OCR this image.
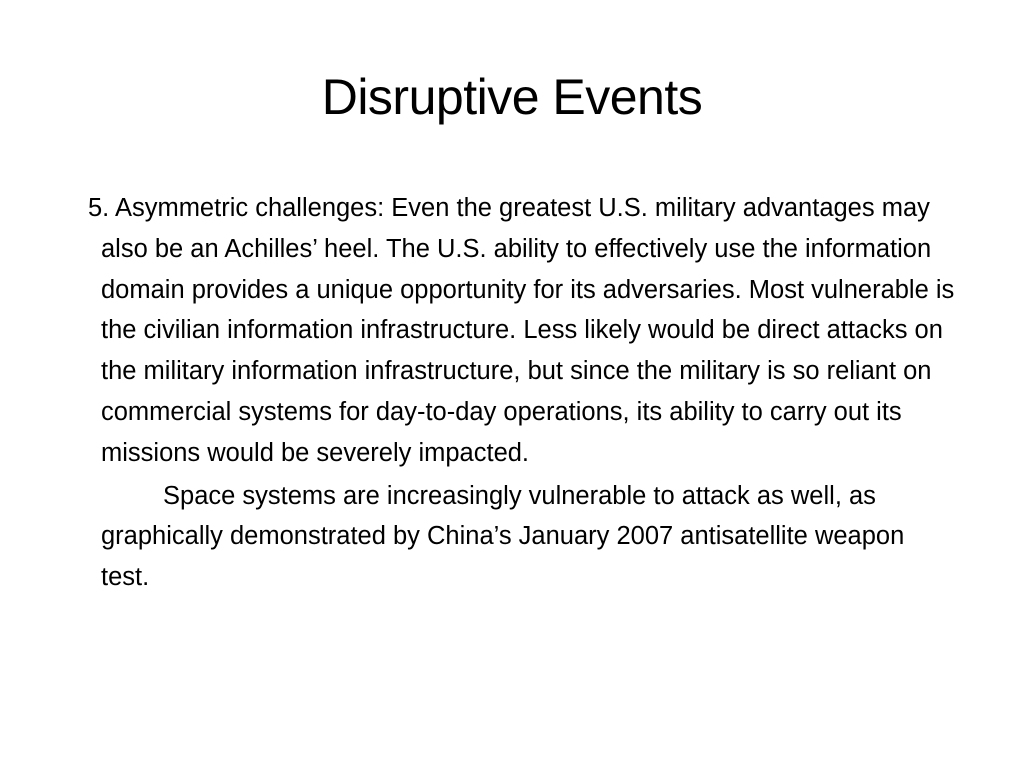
Disruptive Events

5. Asymmetric challenges: Even the greatest U.S. military advantages may also be an Achilles’ heel. The U.S. ability to effectively use the information domain provides a unique opportunity for its adversaries. Most vulnerable is the civilian information infrastructure. Less likely would be direct attacks on the military information infrastructure, but since the military is so reliant on commercial systems for day-to-day operations, its ability to carry out its missions would be severely impacted.

Space systems are increasingly vulnerable to attack as well, as graphically demonstrated by China’s January 2007 antisatellite weapon test.
